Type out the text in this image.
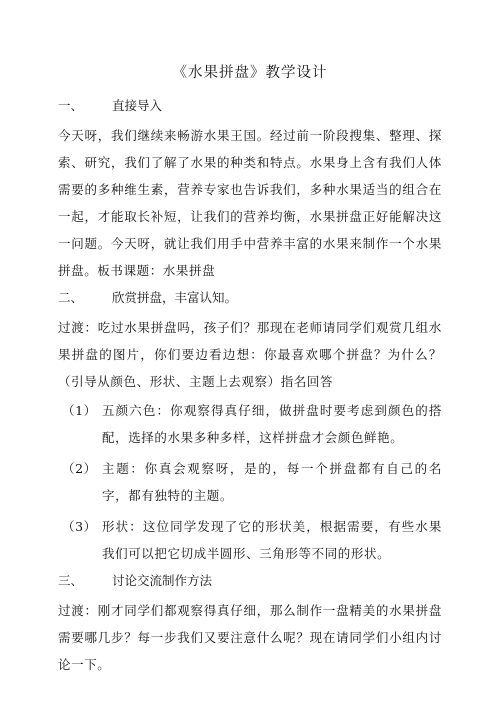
《水果拼盘》教学设计
一、 直接导入

今天呀，我们继续来畅游水果王国。经过前一阶段搜集、整理、探索、研究，我们了解了水果的种类和特点。水果身上含有我们人体需要的多种维生素，营养专家也告诉我们，多种水果适当的组合在一起，才能取长补短，让我们的营养均衡，水果拼盘正好能解决这一问题。今天呀，就让我们用手中营养丰富的水果来制作一个水果拼盘。板书课题：水果拼盘

二、 欣赏拼盘，丰富认知。

过渡：吃过水果拼盘吗，孩子们？那现在老师请同学们观赏几组水果拼盘的图片，你们要边看边想：你最喜欢哪个拼盘？为什么？（引导从颜色、形状、主题上去观察）指名回答

（1） 五颜六色：你观察得真仔细，做拼盘时要考虑到颜色的搭配，选择的水果多种多样，这样拼盘才会颜色鲜艳。
（2） 主题：你真会观察呀，是的，每一个拼盘都有自己的名字，都有独特的主题。
（3） 形状：这位同学发现了它的形状美，根据需要，有些水果我们可以把它切成半圆形、三角形等不同的形状。
三、 讨论交流制作方法

过渡：刚才同学们都观察得真仔细，那么制作一盘精美的水果拼盘需要哪几步？每一步我们又要注意什么呢？现在请同学们小组内讨论一下。
